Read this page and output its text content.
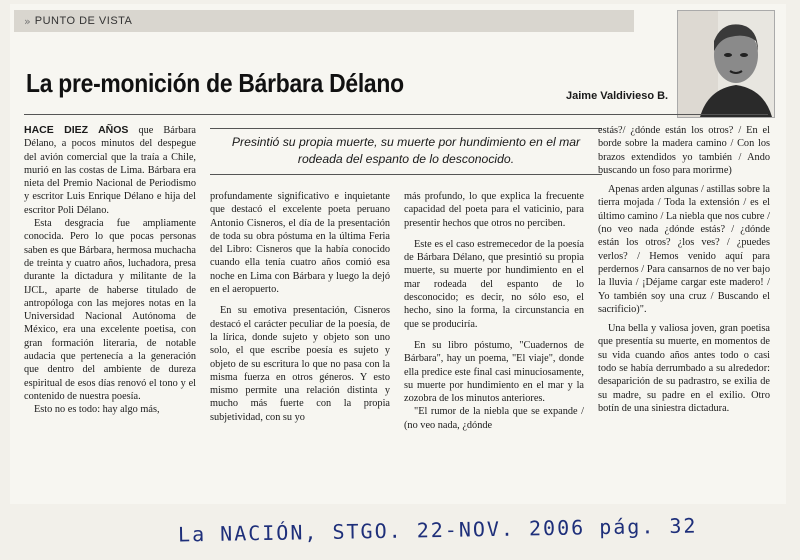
» PUNTO DE VISTA
La pre-monición de Bárbara Délano	Jaime Valdivieso B.

HACE DIEZ AÑOS que Bárbara Délano, a pocos minutos del despegue del avión comercial que la traía a Chile, murió en las costas de Lima. Bárbara era nieta del Premio Nacional de Periodismo y escritor Luis Enrique Délano e hija del escritor Poli Délano.

Esta desgracia fue ampliamente conocida. Pero lo que pocas personas saben es que Bárbara, hermosa muchacha de treinta y cuatro años, luchadora, presa durante la dictadura y militante de la IJCL, aparte de haberse titulado de antropóloga con las mejores notas en la Universidad Nacional Autónoma de México, era una excelente poetisa, con gran formación literaria, de notable audacia que pertenecía a la generación que dentro del ambiente de dureza espiritual de esos días renovó el tono y el contenido de nuestra poesía.

Esto no es todo: hay algo más,

Presintió su propia muerte, su muerte por hundimiento en el mar rodeada del espanto de lo desconocido.

profundamente significativo e inquietante que destacó el excelente poeta peruano Antonio Cisneros, el día de la presentación de toda su obra póstuma en la última Feria del Libro: Cisneros que la había conocido cuando ella tenía cuatro años comió esa noche en Lima con Bárbara y luego la dejó en el aeropuerto.

En su emotiva presentación, Cisneros destacó el carácter peculiar de la poesía, de la lírica, donde sujeto y objeto son uno solo, el que escribe poesía es sujeto y objeto de su escritura lo que no pasa con la misma fuerza en otros géneros. Y esto mismo permite una relación distinta y mucho más fuerte con la propia subjetividad, con su yo

más profundo, lo que explica la frecuente capacidad del poeta para el vaticinio, para presentir hechos que otros no perciben.

Este es el caso estremecedor de la poesía de Bárbara Délano, que presintió su propia muerte, su muerte por hundimiento en el mar rodeada del espanto de lo desconocido; es decir, no sólo eso, el hecho, sino la forma, la circunstancia en que se produciría.

En su libro póstumo, "Cuadernos de Bárbara", hay un poema, "El viaje", donde ella predice este final casi minuciosamente, su muerte por hundimiento en el mar y la zozobra de los minutos anteriores.

"El rumor de la niebla que se expande / (no veo nada, ¿dónde

estás?/ ¿dónde están los otros? / En el borde sobre la madera camino / Con los brazos extendidos yo también / Ando buscando un foso para morirme)

Apenas arden algunas / astillas sobre la tierra mojada / Toda la extensión / es el último camino / La niebla que nos cubre / (no veo nada ¿dónde estás? / ¿dónde están los otros? ¿los ves? / ¿puedes verlos? / Hemos venido aquí para perdernos / Para cansarnos de no ver bajo la lluvia / ¡Déjame cargar este madero! / Yo también soy una cruz / Buscando el sacrificio)".

Una bella y valiosa joven, gran poetisa que presentía su muerte, en momentos de su vida cuando años antes todo o casi todo se había derrumbado a su alrededor: desaparición de su padrastro, se exilia de su madre, su padre en el exilio. Otro botín de una siniestra dictadura.

La NACIÓN, STGO. 22-NOV. 2006 pág. 32
